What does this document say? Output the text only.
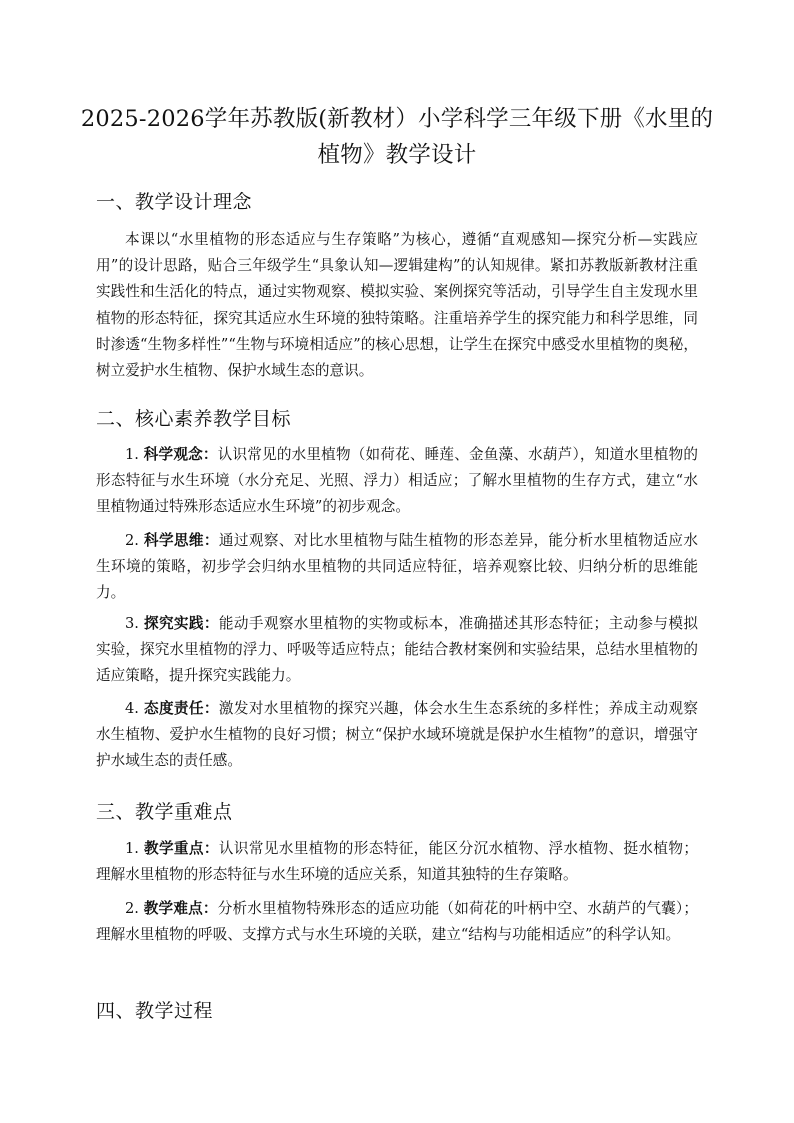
2025-2026学年苏教版(新教材）小学科学三年级下册《水里的植物》教学设计
一、教学设计理念

本课以“水里植物的形态适应与生存策略”为核心，遵循“直观感知—探究分析—实践应用”的设计思路，贴合三年级学生“具象认知—逻辑建构”的认知规律。紧扣苏教版新教材注重实践性和生活化的特点，通过实物观察、模拟实验、案例探究等活动，引导学生自主发现水里植物的形态特征，探究其适应水生环境的独特策略。注重培养学生的探究能力和科学思维，同时渗透“生物多样性”“生物与环境相适应”的核心思想，让学生在探究中感受水里植物的奥秘，树立爱护水生植物、保护水域生态的意识。

二、核心素养教学目标

1. 科学观念：认识常见的水里植物（如荷花、睡莲、金鱼藻、水葫芦），知道水里植物的形态特征与水生环境（水分充足、光照、浮力）相适应；了解水里植物的生存方式，建立“水里植物通过特殊形态适应水生环境”的初步观念。

2. 科学思维：通过观察、对比水里植物与陆生植物的形态差异，能分析水里植物适应水生环境的策略，初步学会归纳水里植物的共同适应特征，培养观察比较、归纳分析的思维能力。

3. 探究实践：能动手观察水里植物的实物或标本，准确描述其形态特征；主动参与模拟实验，探究水里植物的浮力、呼吸等适应特点；能结合教材案例和实验结果，总结水里植物的适应策略，提升探究实践能力。

4. 态度责任：激发对水里植物的探究兴趣，体会水生生态系统的多样性；养成主动观察水生植物、爱护水生植物的良好习惯；树立“保护水域环境就是保护水生植物”的意识，增强守护水域生态的责任感。

三、教学重难点

1. 教学重点：认识常见水里植物的形态特征，能区分沉水植物、浮水植物、挺水植物；理解水里植物的形态特征与水生环境的适应关系，知道其独特的生存策略。

2. 教学难点：分析水里植物特殊形态的适应功能（如荷花的叶柄中空、水葫芦的气囊）；理解水里植物的呼吸、支撑方式与水生环境的关联，建立“结构与功能相适应”的科学认知。

四、教学过程
